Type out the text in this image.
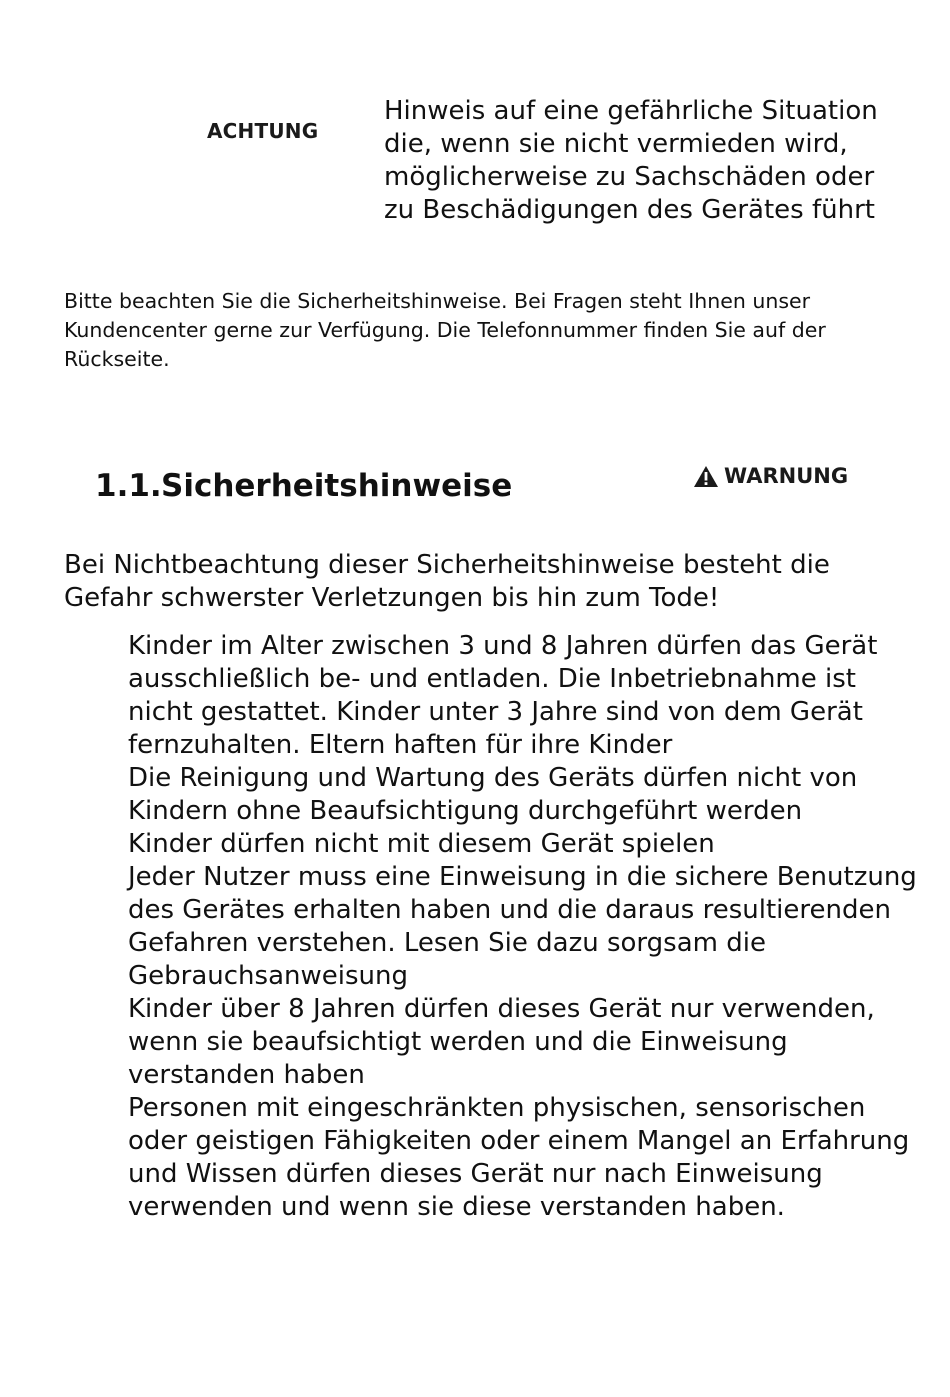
ACHTUNG
Hinweis auf eine gefährliche Situation die, wenn sie nicht vermieden wird, möglicherweise zu Sachschäden oder zu Beschädigungen des Gerätes führt
Bitte beachten Sie die Sicherheitshinweise. Bei Fragen steht Ihnen unser Kundencenter gerne zur Verfügung. Die Telefonnummer finden Sie auf der Rückseite.
1.1.Sicherheitshinweise	WARNUNG
Bei Nichtbeachtung dieser Sicherheitshinweise besteht die Gefahr schwerster Verletzungen bis hin zum Tode!
Kinder im Alter zwischen 3 und 8 Jahren dürfen das Gerät ausschließlich be- und entladen. Die Inbetriebnahme ist nicht gestattet. Kinder unter 3 Jahre sind von dem Gerät fernzuhalten. Eltern haften für ihre Kinder
Die Reinigung und Wartung des Geräts dürfen nicht von Kindern ohne Beaufsichtigung durchgeführt werden
Kinder dürfen nicht mit diesem Gerät spielen
Jeder Nutzer muss eine Einweisung in die sichere Benutzung des Gerätes erhalten haben und die daraus resultierenden Gefahren verstehen. Lesen Sie dazu sorgsam die Gebrauchsanweisung
Kinder über 8 Jahren dürfen dieses Gerät nur verwenden, wenn sie beaufsichtigt werden und die Einweisung verstanden haben
Personen mit eingeschränkten physischen, sensorischen oder geistigen Fähigkeiten oder einem Mangel an Erfahrung und Wissen dürfen dieses Gerät nur nach Einweisung verwenden und wenn sie diese verstanden haben.
